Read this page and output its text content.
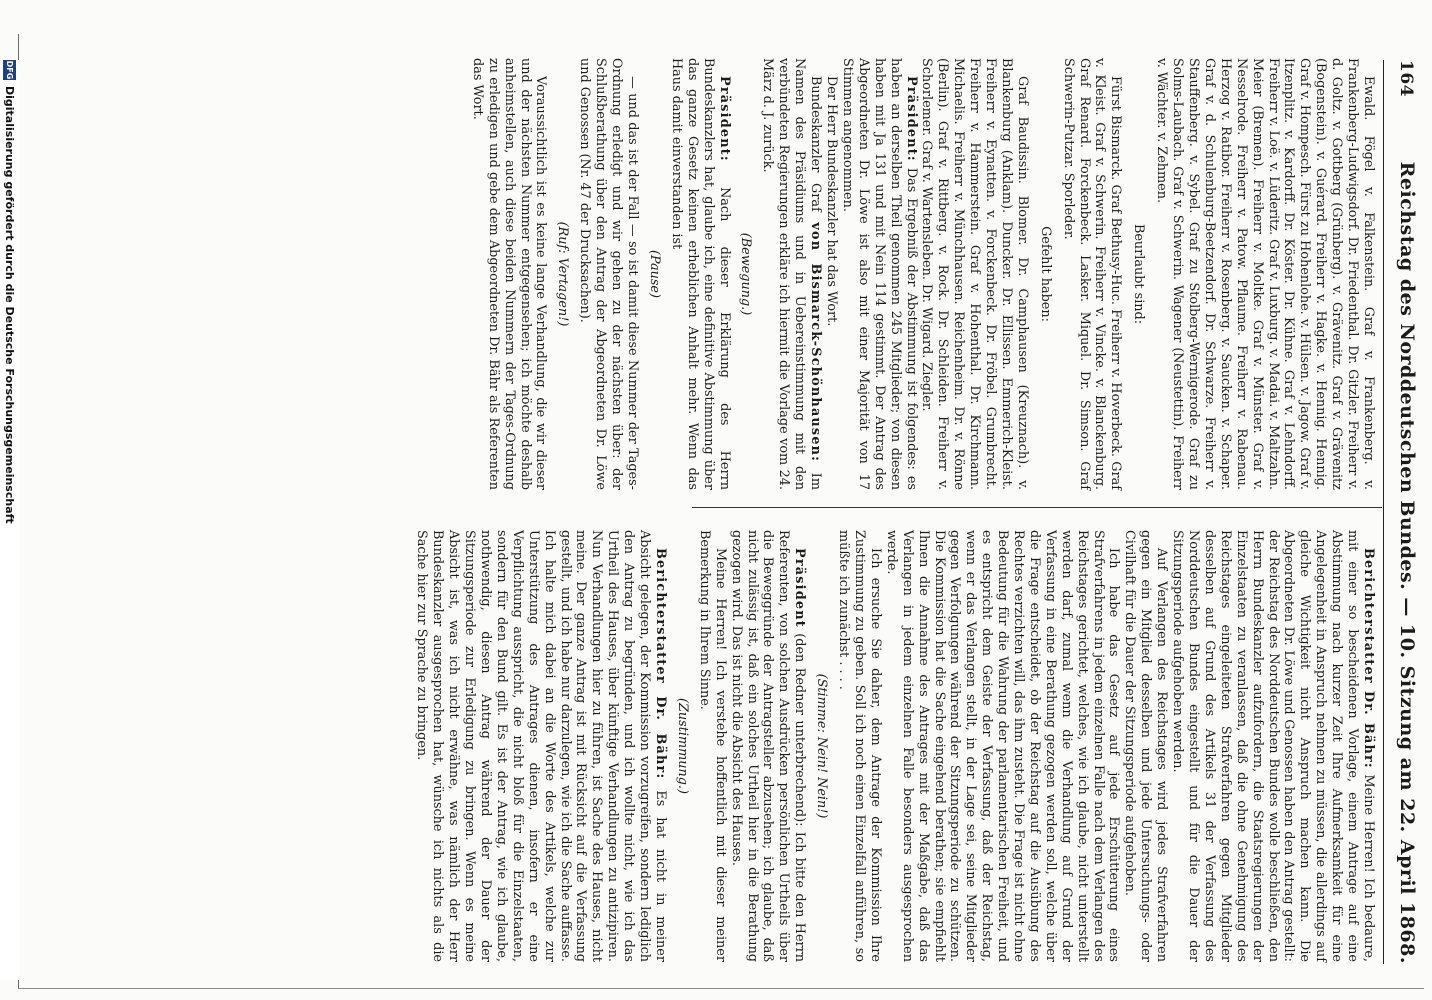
164
Reichstag des Norddeutschen Bundes. — 10. Sitzung am 22. April 1868.

Ewald. Fögel v. Falkenstein. Graf v. Frankenberg. v. Frankenberg-Ludwigsdorf. Dr. Friedenthal. Dr. Gitzler. Freiherr v. d. Goltz. v. Gottberg (Grünberg). v. Grävenitz. Graf v. Grävenitz (Bogenstein). v. Guérard. Freiherr v. Hagke. v. Hennig. Hennig. Graf v. Hompesch. Fürst zu Hohenlohe. v. Hülsen. v. Jagow. Graf v. Itzenplitz. v. Kardorff. Dr. Köster. Dr. Kühne. Graf v. Lehndorff. Freiherr v. Loë. v. Lüderitz. Graf v. Luxburg. v. Madai. v. Maltzahn. Meier (Bremen). Freiherr v. Moltke. Graf v. Münster. Graf v. Nesselrode. Freiherr v. Patow. Pflaume. Freiherr v. Rabenau. Herzog v. Ratibor. Freiherr v. Rosenberg. v. Saucken. v. Schaper. Graf v. d. Schulenburg-Beetzendorf. Dr. Schwarze. Freiherr v. Stauffenberg. v. Sybel. Graf zu Stolberg-Wernigerode. Graf zu Solms-Laubach. Graf v. Schwerin. Wagener (Neustettin). Freiherr v. Wächter. v. Zehmen.

Beurlaubt sind:

Fürst Bismarck. Graf Bethusy-Huc. Freiherr v. Hoverbeck. Graf v. Kleist. Graf v. Schwerin. Freiherr v. Vincke. v. Blanckenburg. Graf Renard. Forckenbeck. Lasker. Miquel. Dr. Simson. Graf Schwerin-Putzar. Sporleder.

Gefehlt haben:

Graf Baudissin. Blomer. Dr. Camphausen (Kreuznach). v. Blankenburg (Anklam). Duncker. Dr. Ellissen. Emmerich-Kleist. Freiherr v. Eynatten. v. Forckenbeck. Dr. Fröbel. Grumbrecht. Freiherr v. Hammerstein. Graf v. Hohenthal. Dr. Kirchmann. Michaelis. Freiherr v. Münchhausen. Reichenheim. Dr. v. Rönne (Berlin). Graf v. Rittberg. v. Rock. Dr. Schleiden. Freiherr v. Schorlemer. Graf v. Wartensleben. Dr. Wigard. Ziegler.

Präsident: Das Ergebniß der Abstimmung ist folgendes: es haben an derselben Theil genommen 245 Mitglieder; von diesen haben mit Ja 131 und mit Nein 114 gestimmt. Der Antrag des Abgeordneten Dr. Löwe ist also mit einer Majorität von 17 Stimmen angenommen.

Der Herr Bundeskanzler hat das Wort.

Bundeskanzler Graf von Bismarck-Schönhausen: Im Namen des Präsidiums und in Uebereinstimmung mit den verbündeten Regierungen erkläre ich hiermit die Vorlage vom 24. März d. J. zurück.

(Bewegung.)

Präsident: Nach dieser Erklärung des Herrn Bundeskanzlers hat, glaube ich, eine definitive Abstimmung über das ganze Gesetz keinen erheblichen Anhalt mehr. Wenn das Haus damit einverstanden ist

(Pause)

— und das ist der Fall — so ist damit diese Nummer der Tages-Ordnung erledigt und wir gehen zu der nächsten über: der Schlußberathung über den Antrag der Abgeordneten Dr. Löwe und Genossen (Nr. 47 der Drucksachen).

(Ruf: Vertagen!)

Voraussichtlich ist es keine lange Verhandlung, die wir dieser und der nächsten Nummer entgegensehen; ich möchte deshalb anheimstellen, auch diese beiden Nummern der Tages-Ordnung zu erledigen und gebe dem Abgeordneten Dr. Bähr als Referenten das Wort.

Berichterstatter Dr. Bähr: Meine Herren! Ich bedaure, mit einer so bescheidenen Vorlage, einem Antrage auf eine Abstimmung nach kurzer Zeit Ihre Aufmerksamkeit für eine Angelegenheit in Anspruch nehmen zu müssen, die allerdings auf gleiche Wichtigkeit nicht Anspruch machen kann. Die Abgeordneten Dr. Löwe und Genossen haben den Antrag gestellt: der Reichstag des Norddeutschen Bundes wolle beschließen, den Herrn Bundeskanzler aufzufordern, die Staatsregierungen der Einzelstaaten zu veranlassen, daß die ohne Genehmigung des Reichstages eingeleiteten Strafverfahren gegen Mitglieder desselben auf Grund des Artikels 31 der Verfassung des Norddeutschen Bundes eingestellt und für die Dauer der Sitzungsperiode aufgehoben werden.

Auf Verlangen des Reichstages wird jedes Strafverfahren gegen ein Mitglied desselben und jede Untersuchungs- oder Civilhaft für die Dauer der Sitzungsperiode aufgehoben.

Ich habe das Gesetz auf jede Erschütterung eines Strafverfahrens in jedem einzelnen Falle nach dem Verlangen des Reichstages gerichtet, welches, wie ich glaube, nicht unterstellt werden darf, zumal wenn die Verhandlung auf Grund der Verfassung in eine Berathung gezogen werden soll, welche über die Frage entscheidet, ob der Reichstag auf die Ausübung des Rechtes verzichten will, das ihm zusteht. Die Frage ist nicht ohne Bedeutung für die Wahrung der parlamentarischen Freiheit, und es entspricht dem Geiste der Verfassung, daß der Reichstag, wenn er das Verlangen stellt, in der Lage sei, seine Mitglieder gegen Verfolgungen während der Sitzungsperiode zu schützen. Die Kommission hat die Sache eingehend berathen; sie empfiehlt Ihnen die Annahme des Antrages mit der Maßgabe, daß das Verlangen in jedem einzelnen Falle besonders ausgesprochen werde.

Ich ersuche Sie daher, dem Antrage der Kommission Ihre Zustimmung zu geben. Soll ich noch einen Einzelfall anführen, so müßte ich zunächst . . . .

(Stimme: Nein! Nein!)

Präsident (den Redner unterbrechend): Ich bitte den Herrn Referenten, von solchen Ausdrücken persönlichen Urtheils über die Beweggründe der Antragsteller abzusehen; ich glaube, daß nicht zulässig ist, daß ein solches Urtheil hier in die Berathung gezogen wird. Das ist nicht die Absicht des Hauses.

Meine Herren! Ich verstehe hoffentlich mit dieser meiner Bemerkung in Ihrem Sinne.

(Zustimmung.)

Berichterstatter Dr. Bähr: Es hat nicht in meiner Absicht gelegen, der Kommission vorzugreifen, sondern lediglich den Antrag zu begründen, und ich wollte nicht, wie ich das Urtheil des Hauses, über künftige Verhandlungen zu antizipiren. Nun Verhandlungen hier zu führen, ist Sache des Hauses, nicht meine. Der ganze Antrag ist mit Rücksicht auf die Verfassung gestellt, und ich habe nur darzulegen, wie ich die Sache auffasse. Ich halte mich dabei an die Worte des Artikels, welche zur Unterstützung des Antrages dienen, insofern er eine Verpflichtung ausspricht, die nicht bloß für die Einzelstaaten, sondern für den Bund gilt. Es ist der Antrag, wie ich glaube, nothwendig, diesen Antrag während der Dauer der Sitzungsperiode zur Erledigung zu bringen. Wenn es meine Absicht ist, was ich nicht erwähne, was nämlich der Herr Bundeskanzler ausgesprochen hat, wünsche ich nichts als die Sache hier zur Sprache zu bringen.

DFG
Digitalisierung gefördert durch die Deutsche Forschungsgemeinschaft
